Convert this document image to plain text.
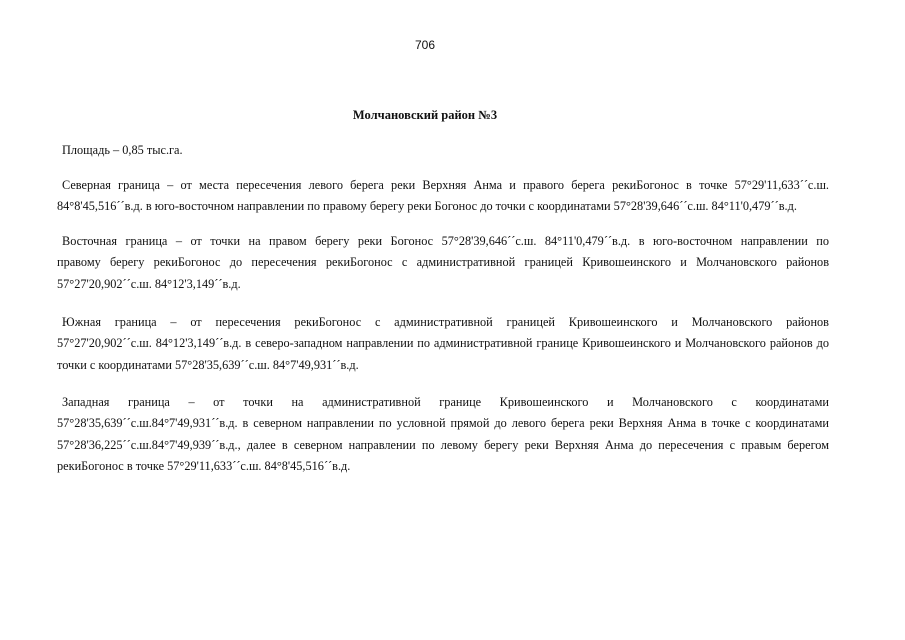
706
Молчановский район №3
Площадь – 0,85 тыс.га.
Северная граница – от места пересечения левого берега реки Верхняя Анма и правого берега рекиБогонос в точке 57°29'11,633´´с.ш.
84°8'45,516´´в.д. в юго-восточном направлении по правому берегу реки Богонос до точки с координатами 57°28'39,646´´с.ш. 84°11'0,479´´в.д.
Восточная граница – от точки на правом берегу реки Богонос 57°28'39,646´´с.ш. 84°11'0,479´´в.д. в юго-восточном направлении по
правому берегу рекиБогонос до пересечения рекиБогонос с административной границей Кривошеинского и Молчановского районов
57°27'20,902´´с.ш. 84°12'3,149´´в.д.
Южная граница – от пересечения рекиБогонос с административной границей Кривошеинского и Молчановского районов
57°27'20,902´´с.ш. 84°12'3,149´´в.д. в северо-западном направлении по административной границе Кривошеинского и Молчановского районов до
точки с координатами 57°28'35,639´´с.ш. 84°7'49,931´´в.д.
Западная граница – от точки на административной границе Кривошеинского и Молчановского с координатами
57°28'35,639´´с.ш.84°7'49,931´´в.д. в северном направлении по условной прямой до левого берега реки Верхняя Анма в точке с координатами
57°28'36,225´´с.ш.84°7'49,939´´в.д., далее в северном направлении по левому берегу реки Верхняя Анма до пересечения с правым берегом
рекиБогонос в точке 57°29'11,633´´с.ш. 84°8'45,516´´в.д.
